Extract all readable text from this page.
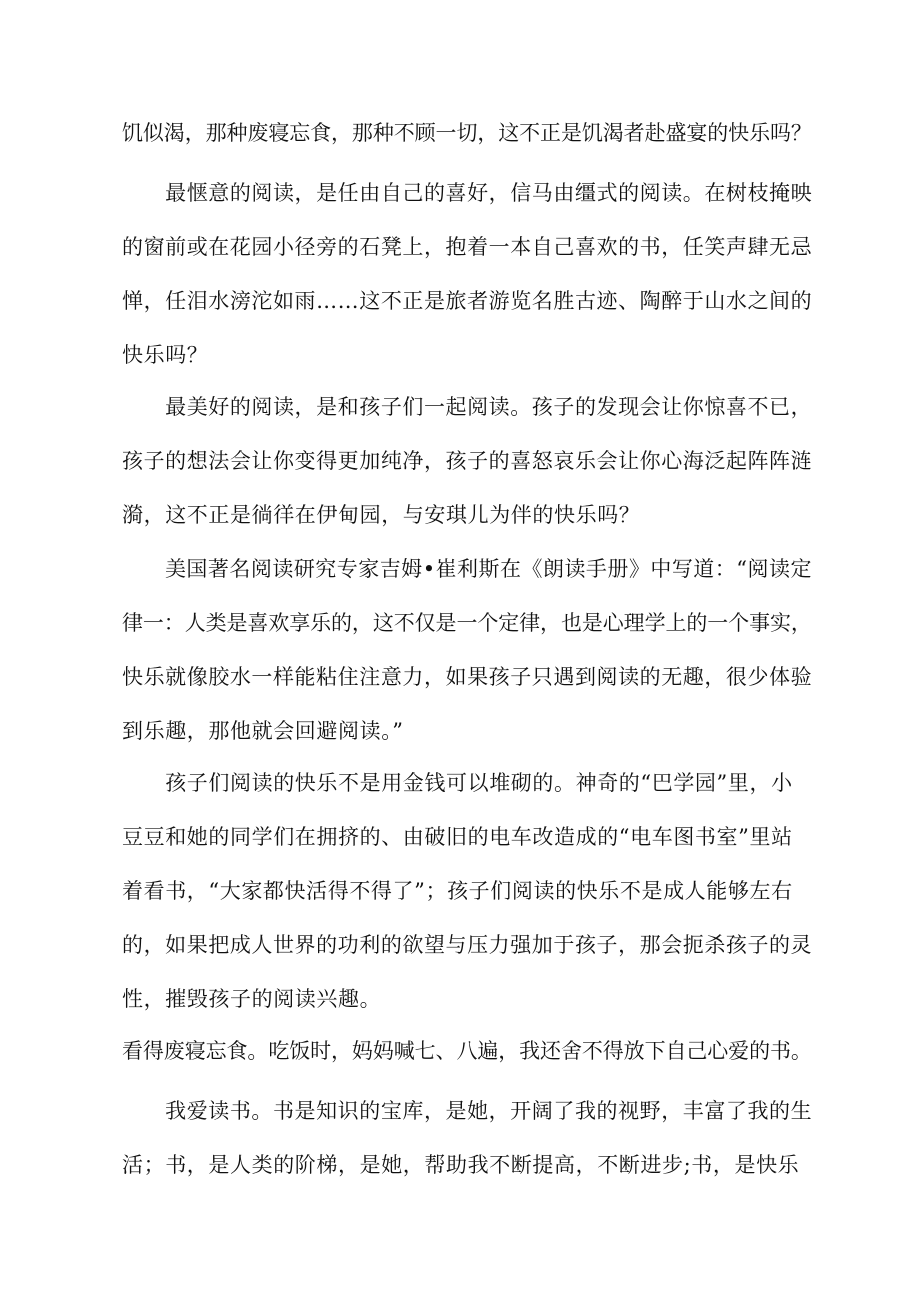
饥似渴，那种废寝忘食，那种不顾一切，这不正是饥渴者赴盛宴的快乐吗？

　　最惬意的阅读，是任由自己的喜好，信马由缰式的阅读。在树枝掩映
的窗前或在花园小径旁的石凳上，抱着一本自己喜欢的书，任笑声肆无忌
惮，任泪水滂沱如雨……这不正是旅者游览名胜古迹、陶醉于山水之间的
快乐吗？

　　最美好的阅读，是和孩子们一起阅读。孩子的发现会让你惊喜不已，
孩子的想法会让你变得更加纯净，孩子的喜怒哀乐会让你心海泛起阵阵涟
漪，这不正是徜徉在伊甸园，与安琪儿为伴的快乐吗？

　　美国著名阅读研究专家吉姆•崔利斯在《朗读手册》中写道：“阅读定
律一：人类是喜欢享乐的，这不仅是一个定律，也是心理学上的一个事实，
快乐就像胶水一样能粘住注意力，如果孩子只遇到阅读的无趣，很少体验
到乐趣，那他就会回避阅读。”

　　孩子们阅读的快乐不是用金钱可以堆砌的。神奇的“巴学园”里，小
豆豆和她的同学们在拥挤的、由破旧的电车改造成的“电车图书室”里站
着看书，“大家都快活得不得了”；孩子们阅读的快乐不是成人能够左右
的，如果把成人世界的功利的欲望与压力强加于孩子，那会扼杀孩子的灵
性，摧毁孩子的阅读兴趣。

看得废寝忘食。吃饭时，妈妈喊七、八遍，我还舍不得放下自己心爱的书。

　　我爱读书。书是知识的宝库，是她，开阔了我的视野，丰富了我的生
活；书，是人类的阶梯，是她，帮助我不断提高，不断进步;书，是快乐
